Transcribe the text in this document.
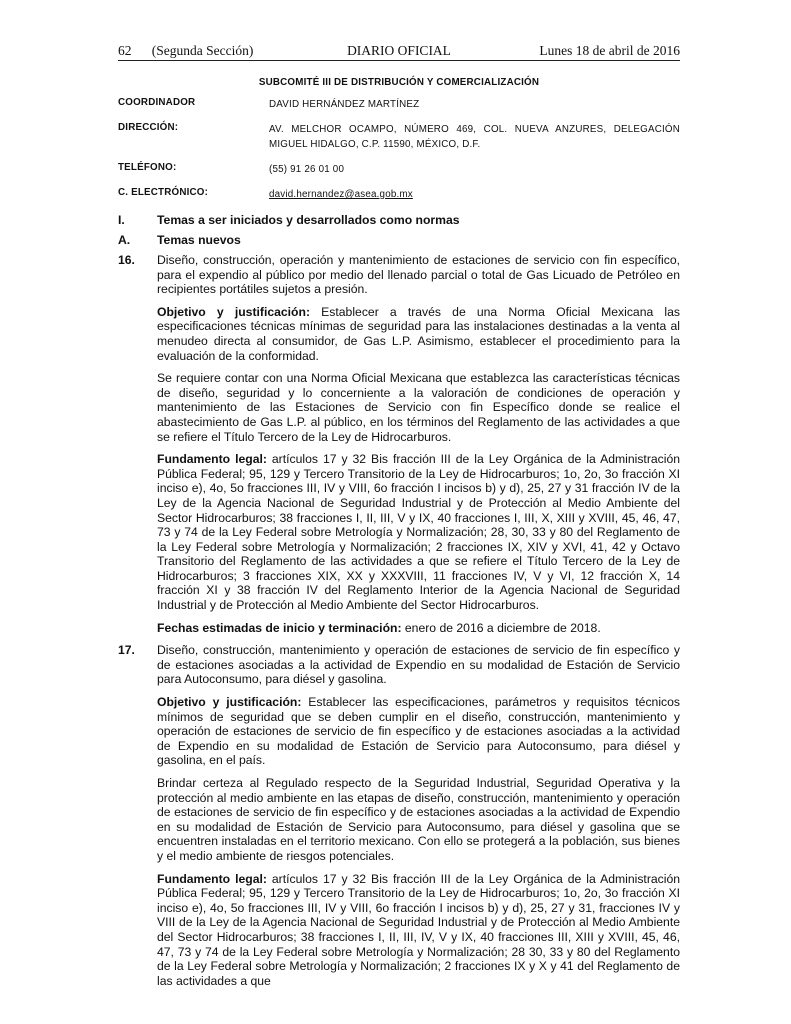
62      (Segunda Sección)	DIARIO OFICIAL	Lunes 18 de abril de 2016
SUBCOMITÉ III DE DISTRIBUCIÓN Y COMERCIALIZACIÓN
COORDINADOR	DAVID HERNÁNDEZ MARTÍNEZ
DIRECCIÓN:	AV. MELCHOR OCAMPO, NÚMERO 469, COL. NUEVA ANZURES, DELEGACIÓN MIGUEL HIDALGO, C.P. 11590, MÉXICO, D.F.
TELÉFONO:	(55) 91 26 01 00
C. ELECTRÓNICO:	david.hernandez@asea.gob.mx
I.	Temas a ser iniciados y desarrollados como normas
A. Temas nuevos
16. Diseño, construcción, operación y mantenimiento de estaciones de servicio con fin específico, para el expendio al público por medio del llenado parcial o total de Gas Licuado de Petróleo en recipientes portátiles sujetos a presión.
Objetivo y justificación: Establecer a través de una Norma Oficial Mexicana las especificaciones técnicas mínimas de seguridad para las instalaciones destinadas a la venta al menudeo directa al consumidor, de Gas L.P. Asimismo, establecer el procedimiento para la evaluación de la conformidad.
Se requiere contar con una Norma Oficial Mexicana que establezca las características técnicas de diseño, seguridad y lo concerniente a la valoración de condiciones de operación y mantenimiento de las Estaciones de Servicio con fin Específico donde se realice el abastecimiento de Gas L.P. al público, en los términos del Reglamento de las actividades a que se refiere el Título Tercero de la Ley de Hidrocarburos.
Fundamento legal: artículos 17 y 32 Bis fracción III de la Ley Orgánica de la Administración Pública Federal; 95, 129 y Tercero Transitorio de la Ley de Hidrocarburos; 1o, 2o, 3o fracción XI inciso e), 4o, 5o fracciones III, IV y VIII, 6o fracción I incisos b) y d), 25, 27 y 31 fracción IV de la Ley de la Agencia Nacional de Seguridad Industrial y de Protección al Medio Ambiente del Sector Hidrocarburos; 38 fracciones I, II, III, V y IX, 40 fracciones I, III, X, XIII y XVIII, 45, 46, 47, 73 y 74 de la Ley Federal sobre Metrología y Normalización; 28, 30, 33 y 80 del Reglamento de la Ley Federal sobre Metrología y Normalización; 2 fracciones IX, XIV y XVI, 41, 42 y Octavo Transitorio del Reglamento de las actividades a que se refiere el Título Tercero de la Ley de Hidrocarburos; 3 fracciones XIX, XX y XXXVIII, 11 fracciones IV, V y VI, 12 fracción X, 14 fracción XI y 38 fracción IV del Reglamento Interior de la Agencia Nacional de Seguridad Industrial y de Protección al Medio Ambiente del Sector Hidrocarburos.
Fechas estimadas de inicio y terminación: enero de 2016 a diciembre de 2018.
17. Diseño, construcción, mantenimiento y operación de estaciones de servicio de fin específico y de estaciones asociadas a la actividad de Expendio en su modalidad de Estación de Servicio para Autoconsumo, para diésel y gasolina.
Objetivo y justificación: Establecer las especificaciones, parámetros y requisitos técnicos mínimos de seguridad que se deben cumplir en el diseño, construcción, mantenimiento y operación de estaciones de servicio de fin específico y de estaciones asociadas a la actividad de Expendio en su modalidad de Estación de Servicio para Autoconsumo, para diésel y gasolina, en el país.
Brindar certeza al Regulado respecto de la Seguridad Industrial, Seguridad Operativa y la protección al medio ambiente en las etapas de diseño, construcción, mantenimiento y operación de estaciones de servicio de fin específico y de estaciones asociadas a la actividad de Expendio en su modalidad de Estación de Servicio para Autoconsumo, para diésel y gasolina que se encuentren instaladas en el territorio mexicano. Con ello se protegerá a la población, sus bienes y el medio ambiente de riesgos potenciales.
Fundamento legal: artículos 17 y 32 Bis fracción III de la Ley Orgánica de la Administración Pública Federal; 95, 129 y Tercero Transitorio de la Ley de Hidrocarburos; 1o, 2o, 3o fracción XI inciso e), 4o, 5o fracciones III, IV y VIII, 6o fracción I incisos b) y d), 25, 27 y 31, fracciones IV y VIII de la Ley de la Agencia Nacional de Seguridad Industrial y de Protección al Medio Ambiente del Sector Hidrocarburos; 38 fracciones I, II, III, IV, V y IX, 40 fracciones III, XIII y XVIII, 45, 46, 47, 73 y 74 de la Ley Federal sobre Metrología y Normalización; 28 30, 33 y 80 del Reglamento de la Ley Federal sobre Metrología y Normalización; 2 fracciones IX y X y 41 del Reglamento de las actividades a que
